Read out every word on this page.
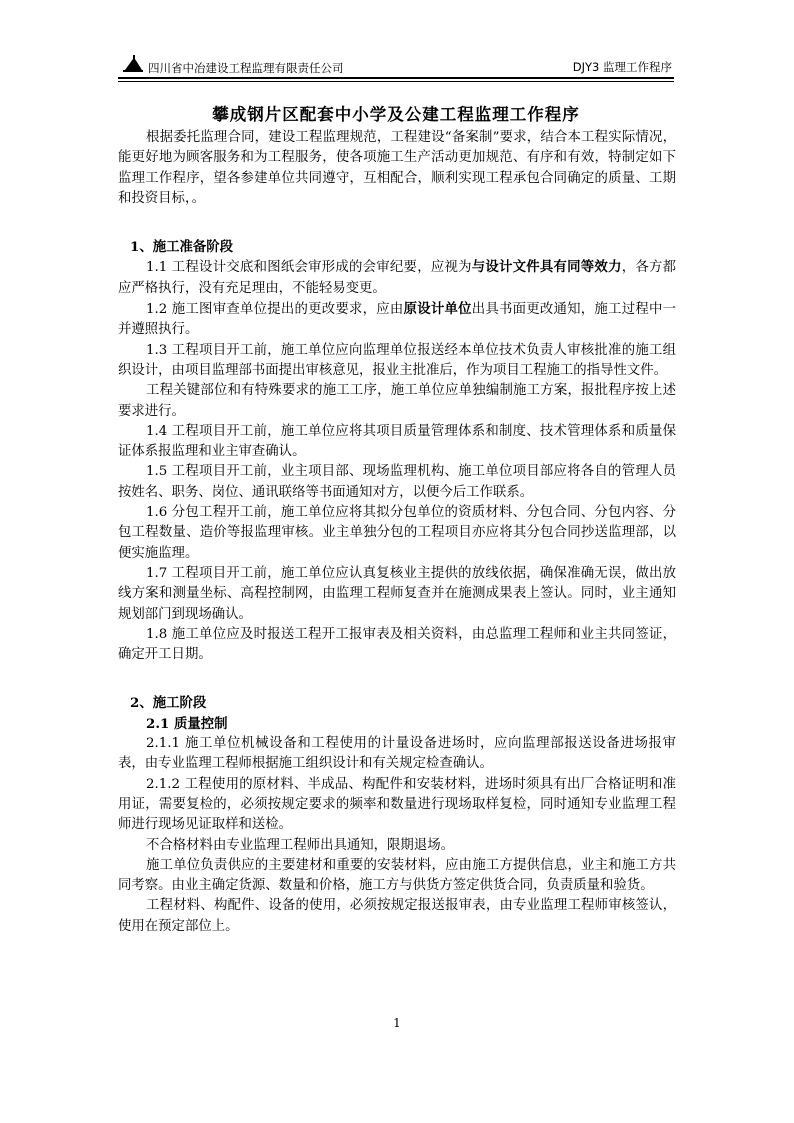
四川省中冶建设工程监理有限责任公司	DJY3 监理工作程序
攀成钢片区配套中小学及公建工程监理工作程序

根据委托监理合同，建设工程监理规范，工程建设“备案制”要求，结合本工程实际情况，能更好地为顾客服务和为工程服务，使各项施工生产活动更加规范、有序和有效，特制定如下监理工作程序，望各参建单位共同遵守，互相配合，顺利实现工程承包合同确定的质量、工期和投资目标，。

1、施工准备阶段

1.1 工程设计交底和图纸会审形成的会审纪要，应视为与设计文件具有同等效力，各方都应严格执行，没有充足理由，不能轻易变更。

1.2 施工图审查单位提出的更改要求，应由原设计单位出具书面更改通知，施工过程中一并遵照执行。

1.3 工程项目开工前，施工单位应向监理单位报送经本单位技术负责人审核批准的施工组织设计，由项目监理部书面提出审核意见，报业主批准后，作为项目工程施工的指导性文件。

工程关键部位和有特殊要求的施工工序，施工单位应单独编制施工方案，报批程序按上述要求进行。

1.4 工程项目开工前，施工单位应将其项目质量管理体系和制度、技术管理体系和质量保证体系报监理和业主审查确认。

1.5 工程项目开工前，业主项目部、现场监理机构、施工单位项目部应将各自的管理人员按姓名、职务、岗位、通讯联络等书面通知对方，以便今后工作联系。

1.6 分包工程开工前，施工单位应将其拟分包单位的资质材料、分包合同、分包内容、分包工程数量、造价等报监理审核。业主单独分包的工程项目亦应将其分包合同抄送监理部，以便实施监理。

1.7 工程项目开工前，施工单位应认真复核业主提供的放线依据，确保准确无误，做出放线方案和测量坐标、高程控制网，由监理工程师复查并在施测成果表上签认。同时，业主通知规划部门到现场确认。

1.8 施工单位应及时报送工程开工报审表及相关资料，由总监理工程师和业主共同签证，确定开工日期。

2、施工阶段

2.1 质量控制

2.1.1 施工单位机械设备和工程使用的计量设备进场时，应向监理部报送设备进场报审表，由专业监理工程师根据施工组织设计和有关规定检查确认。

2.1.2 工程使用的原材料、半成品、构配件和安装材料，进场时须具有出厂合格证明和准用证，需要复检的，必须按规定要求的频率和数量进行现场取样复检，同时通知专业监理工程师进行现场见证取样和送检。

不合格材料由专业监理工程师出具通知，限期退场。

施工单位负责供应的主要建材和重要的安装材料，应由施工方提供信息，业主和施工方共同考察。由业主确定货源、数量和价格，施工方与供货方签定供货合同，负责质量和验货。

工程材料、构配件、设备的使用，必须按规定报送报审表，由专业监理工程师审核签认，使用在预定部位上。

1
